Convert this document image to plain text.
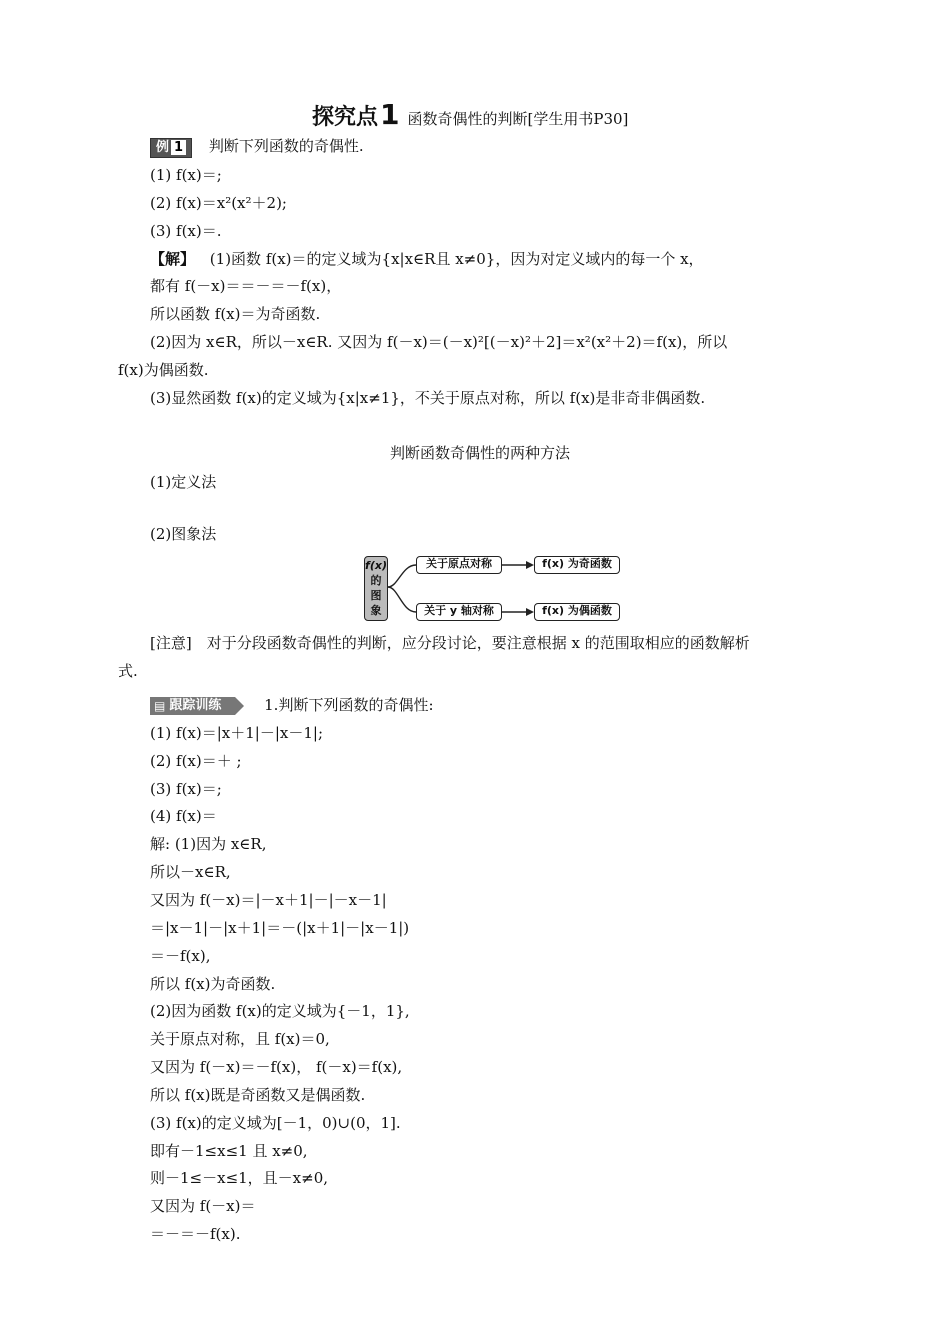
探究点1 函数奇偶性的判断[学生用书P30]
例 1 判断下列函数的奇偶性.
(1) f(x)＝;
(2) f(x)＝x²(x²＋2);
(3) f(x)＝.
【解】 (1)函数 f(x)＝的定义域为{x|x∈R且 x≠0}，因为对定义域内的每一个 x，
都有 f(－x)＝＝－＝－f(x)，
所以函数 f(x)＝为奇函数.
(2)因为 x∈R，所以－x∈R. 又因为 f(－x)＝(－x)²[(－x)²＋2]＝x²(x²＋2)＝f(x)，所以
f(x)为偶函数.
(3)显然函数 f(x)的定义域为{x|x≠1}，不关于原点对称，所以 f(x)是非奇非偶函数.
判断函数奇偶性的两种方法
(1)定义法
(2)图象法
f(x)
的
图
象
关于原点对称	f(x) 为奇函数
关于 y 轴对称	f(x) 为偶函数
[注意]　对于分段函数奇偶性的判断，应分段讨论，要注意根据 x 的范围取相应的函数解析
式.
▤ 跟踪训练	1.判断下列函数的奇偶性:
(1) f(x)＝|x＋1|－|x－1|;
(2) f(x)＝＋ ;
(3) f(x)＝;
(4) f(x)＝
解: (1)因为 x∈R,
所以－x∈R,
又因为 f(－x)＝|－x＋1|－|－x－1|
＝|x－1|－|x＋1|＝－(|x＋1|－|x－1|)
＝－f(x),
所以 f(x)为奇函数.
(2)因为函数 f(x)的定义域为{－1，1},
关于原点对称，且 f(x)＝0,
又因为 f(－x)＝－f(x)， f(－x)＝f(x),
所以 f(x)既是奇函数又是偶函数.
(3) f(x)的定义域为[－1，0)∪(0，1].
即有－1≤x≤1 且 x≠0,
则－1≤－x≤1，且－x≠0,
又因为 f(－x)＝
＝－＝－f(x).
